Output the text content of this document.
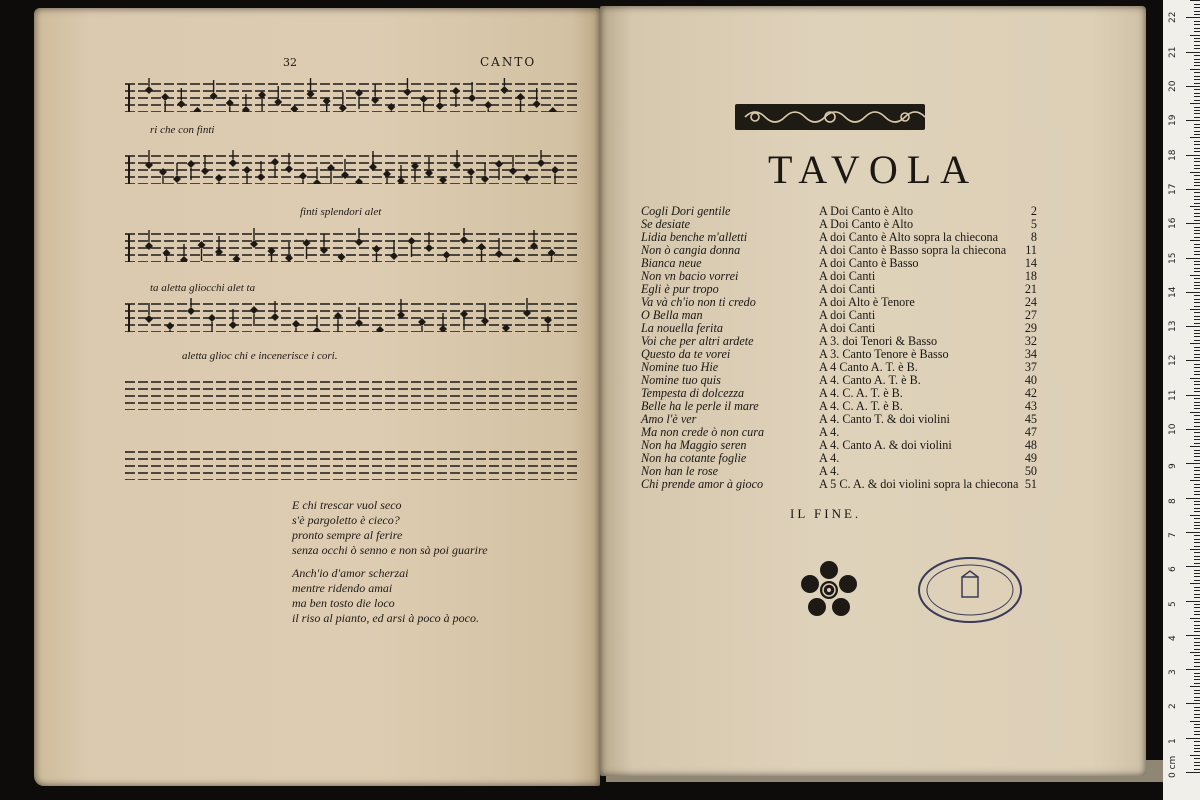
32	CANTO
ri che con finti
finti splendori alet
ta aletta gliocchi alet ta
aletta glioc chi e incenerisce i cori.
E chi trescar vuol seco
s'è pargoletto è cieco?
pronto sempre al ferire
senza occhi ò senno e non sà poi guarire
Anch'io d'amor scherzai
mentre ridendo amai
ma ben tosto die loco
il riso al pianto, ed arsi à poco à poco.
TAVOLA
Cogli Dori gentile	A Doi Canto è Alto	2
Se desiate	A Doi Canto è Alto	5
Lidia benche m'alletti	A doi Canto è Alto sopra la chiecona	8
Non ò cangia donna	A doi Canto è Basso sopra la chiecona 11
Bianca neue	A doi Canto è Basso	14
Non vn bacio vorrei	A doi Canti	18
Egli è pur tropo	A doi Canti	21
Va và ch'io non ti credo	A doi Alto è Tenore	24
O Bella man	A doi Canti	27
La nouella ferita	A doi Canti	29
Voi che per altri ardete	A 3. doi Tenori & Basso	32
Questo da te vorei	A 3. Canto Tenore è Basso	34
Nomine tuo Hie	A 4 Canto A. T. è B.	37
Nomine tuo quis	A 4. Canto A. T. è B.	40
Tempesta di dolcezza	A 4. C. A. T. è B.	42
Belle ha le perle il mare	A 4. C. A. T. è B.	43
Amo l'è ver	A 4. Canto T. & doi violini	45
Ma non crede ò non cura	A 4.	47
Non ha Maggio seren	A 4. Canto A. & doi violini	48
Non ha cotante foglie	A 4.	49
Non han le rose	A 4.	50
Chi prende amor à gioco	A 5 C. A. & doi violini sopra la chiecona 51
IL FINE.
0 cm
1
2
3
4
5
6
7
8
9
10
11
12
13
14
15
16
17
18
19
20
21
22
